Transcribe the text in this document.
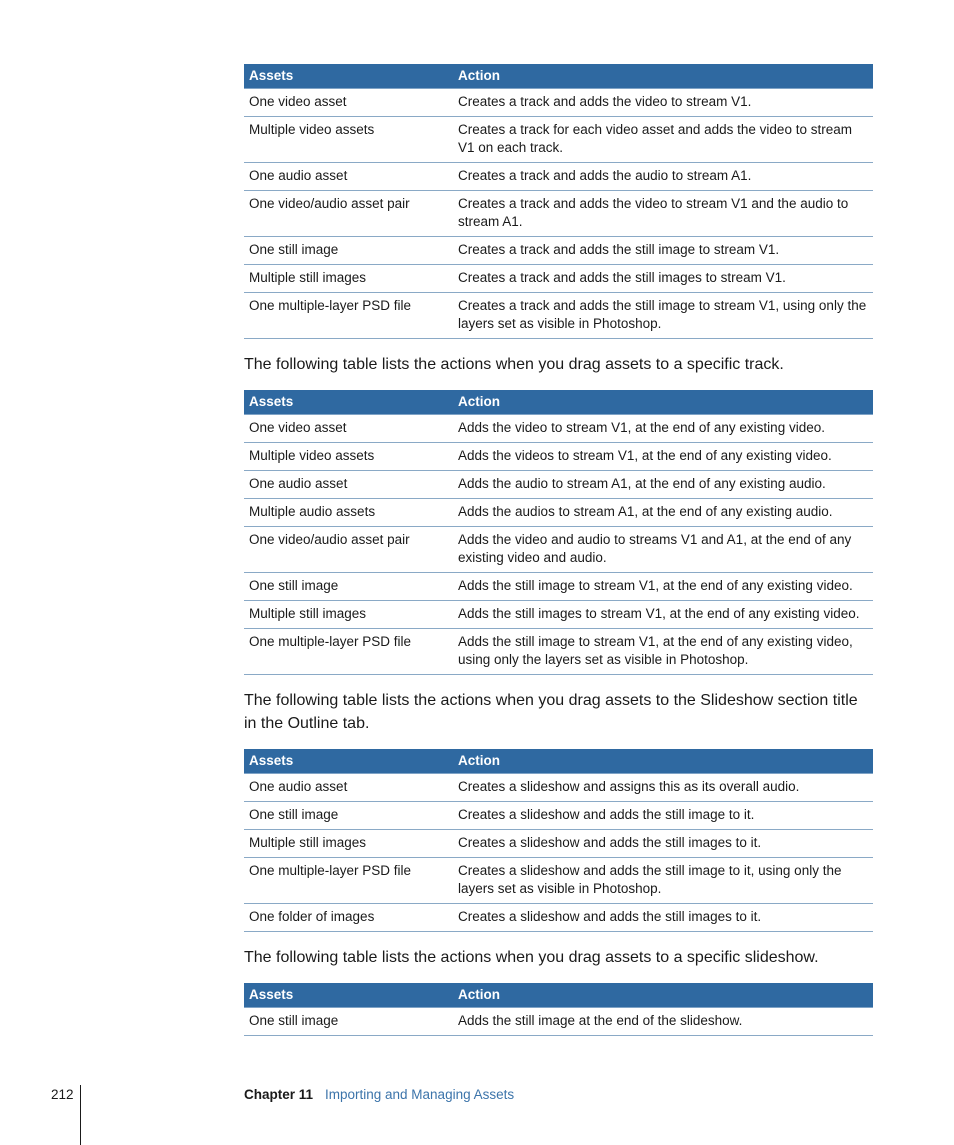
Assets	Action
One video asset	Creates a track and adds the video to stream V1.
Multiple video assets	Creates a track for each video asset and adds the video to stream V1 on each track.
One audio asset	Creates a track and adds the audio to stream A1.
One video/audio asset pair	Creates a track and adds the video to stream V1 and the audio to stream A1.
One still image	Creates a track and adds the still image to stream V1.
Multiple still images	Creates a track and adds the still images to stream V1.
One multiple-layer PSD file	Creates a track and adds the still image to stream V1, using only the layers set as visible in Photoshop.

The following table lists the actions when you drag assets to a specific track.

Assets	Action
One video asset	Adds the video to stream V1, at the end of any existing video.
Multiple video assets	Adds the videos to stream V1, at the end of any existing video.
One audio asset	Adds the audio to stream A1, at the end of any existing audio.
Multiple audio assets	Adds the audios to stream A1, at the end of any existing audio.
One video/audio asset pair	Adds the video and audio to streams V1 and A1, at the end of any existing video and audio.
One still image	Adds the still image to stream V1, at the end of any existing video.
Multiple still images	Adds the still images to stream V1, at the end of any existing video.
One multiple-layer PSD file	Adds the still image to stream V1, at the end of any existing video, using only the layers set as visible in Photoshop.

The following table lists the actions when you drag assets to the Slideshow section title in the Outline tab.

Assets	Action
One audio asset	Creates a slideshow and assigns this as its overall audio.
One still image	Creates a slideshow and adds the still image to it.
Multiple still images	Creates a slideshow and adds the still images to it.
One multiple-layer PSD file	Creates a slideshow and adds the still image to it, using only the layers set as visible in Photoshop.
One folder of images	Creates a slideshow and adds the still images to it.

The following table lists the actions when you drag assets to a specific slideshow.

Assets	Action
One still image	Adds the still image at the end of the slideshow.
212	Chapter 11 Importing and Managing Assets
